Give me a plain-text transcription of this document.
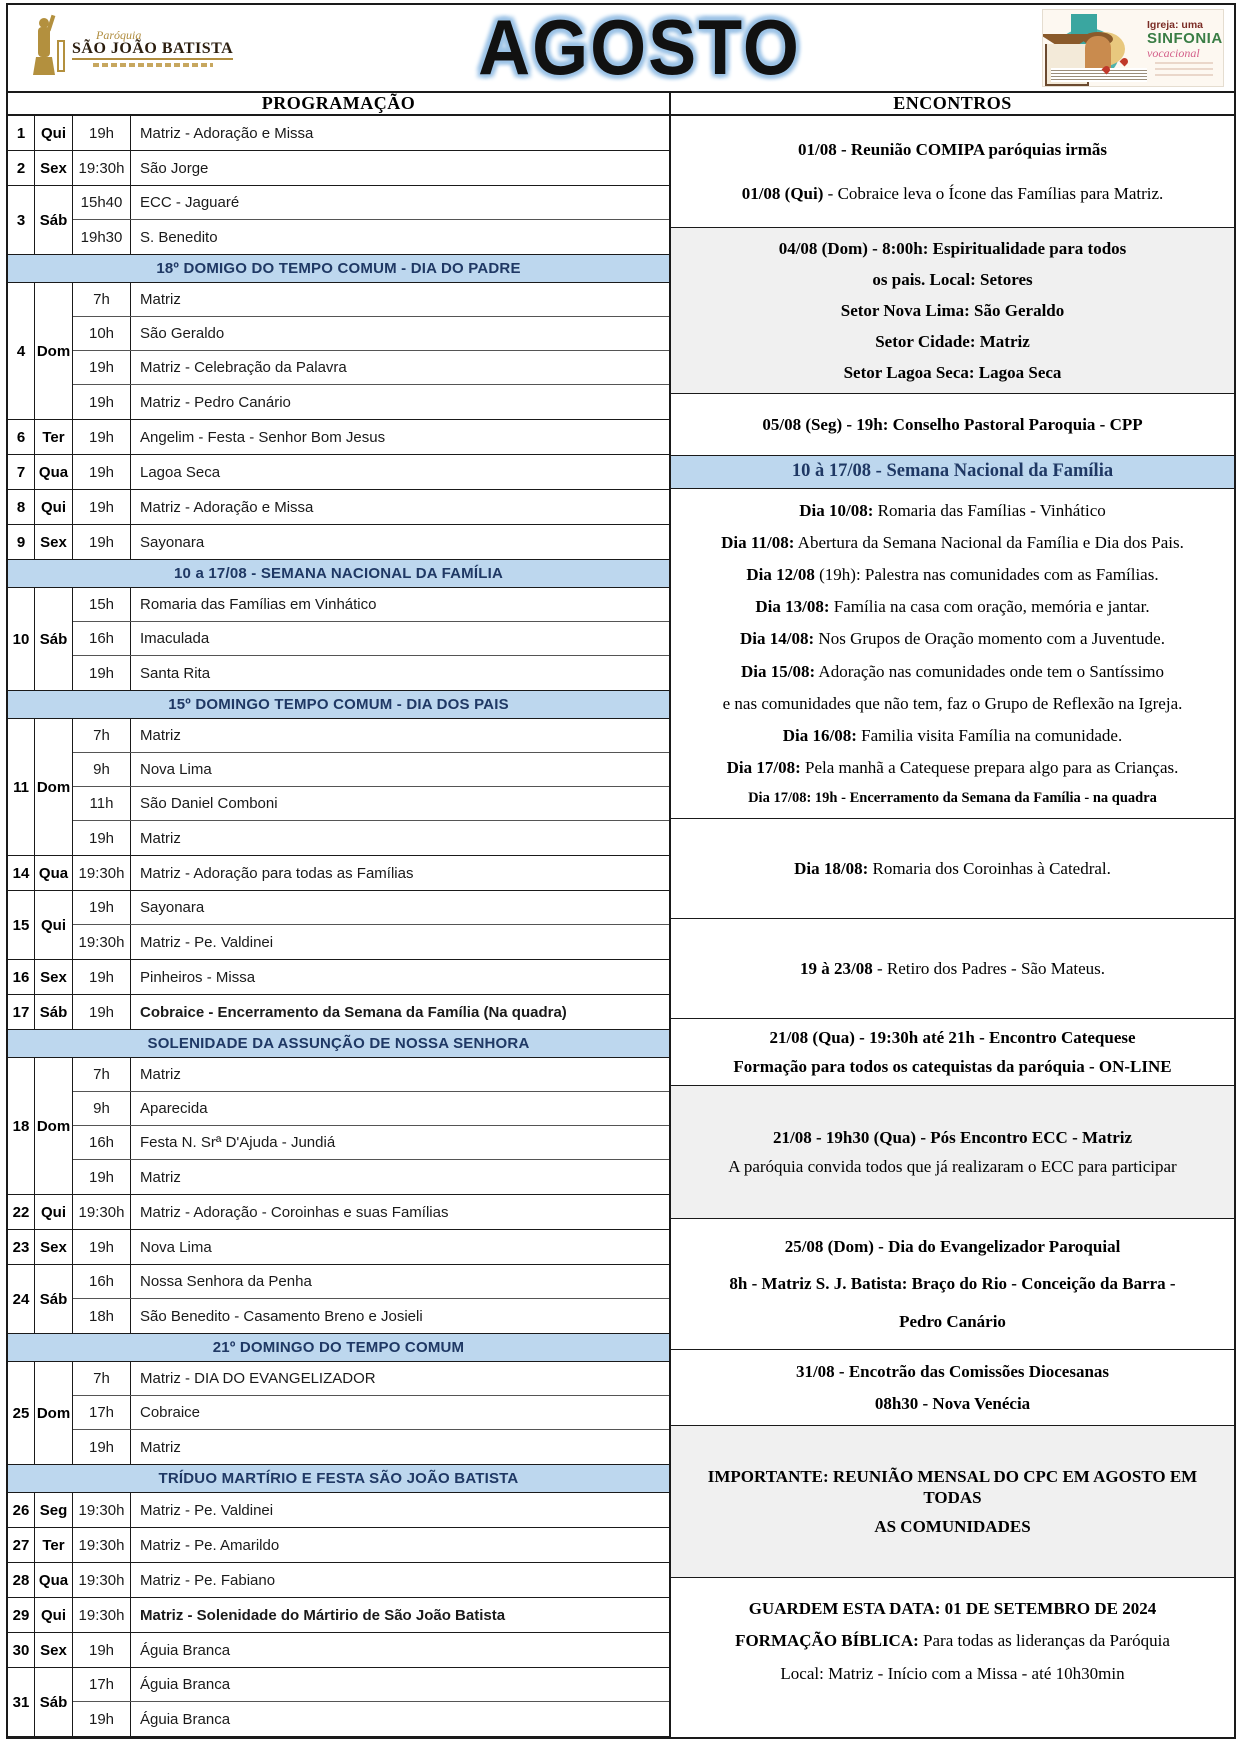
Paróquia
SÃO JOÃO BATISTA	AGOSTO	Igreja: uma
SINFONIA
vocacional
PROGRAMAÇÃO
1	Qui	19h	Matriz - Adoração e Missa
2 Sex 19:30h	São Jorge
3 Sáb
15h40	ECC - Jaguaré
19h30	S. Benedito
18º DOMIGO DO TEMPO COMUM - DIA DO PADRE
4 Dom
7h	Matriz
10h	São Geraldo
19h	Matriz - Celebração da Palavra
19h	Matriz - Pedro Canário
6	Ter	19h	Angelim - Festa - Senhor Bom Jesus
7 Qua	19h	Lagoa Seca
8	Qui	19h	Matriz - Adoração e Missa
9 Sex	19h	Sayonara
10 a 17/08 - SEMANA NACIONAL DA FAMÍLIA
10 Sáb
15h	Romaria das Famílias em Vinhático
16h	Imaculada
19h	Santa Rita
15º DOMINGO TEMPO COMUM - DIA DOS PAIS
11 Dom
7h	Matriz
9h	Nova Lima
11h	São Daniel Comboni
19h	Matriz
14 Qua 19:30h	Matriz - Adoração para todas as Famílias
15 Qui
19h	Sayonara
19:30h	Matriz - Pe. Valdinei
16 Sex	19h	Pinheiros - Missa
17 Sáb	19h	Cobraice - Encerramento da Semana da Família (Na quadra)
SOLENIDADE DA ASSUNÇÃO DE NOSSA SENHORA
18 Dom
7h	Matriz
9h	Aparecida
16h	Festa N. Srª D'Ajuda - Jundiá
19h	Matriz
22 Qui 19:30h	Matriz - Adoração - Coroinhas e suas Famílias
23 Sex	19h	Nova Lima
24 Sáb
16h	Nossa Senhora da Penha
18h	São Benedito - Casamento Breno e Josieli
21º DOMINGO DO TEMPO COMUM
25 Dom
7h	Matriz - DIA DO EVANGELIZADOR
17h	Cobraice
19h	Matriz
TRÍDUO MARTÍRIO E FESTA SÃO JOÃO BATISTA
26 Seg 19:30h	Matriz - Pe. Valdinei
27 Ter 19:30h	Matriz - Pe. Amarildo
28 Qua 19:30h	Matriz - Pe. Fabiano
29 Qui 19:30h	Matriz - Solenidade do Mártirio de São João Batista
30 Sex	19h	Águia Branca
31 Sáb
17h	Águia Branca
19h	Águia Branca
ENCONTROS
01/08 - Reunião COMIPA paróquias irmãs
01/08 (Qui) - Cobraice leva o Ícone das Famílias para Matriz.
04/08 (Dom) - 8:00h: Espiritualidade para todos
os pais. Local: Setores
Setor Nova Lima: São Geraldo
Setor Cidade: Matriz
Setor Lagoa Seca: Lagoa Seca
05/08 (Seg) - 19h: Conselho Pastoral Paroquia - CPP
10 à 17/08 - Semana Nacional da Família
Dia 10/08: Romaria das Famílias - Vinhático
Dia 11/08: Abertura da Semana Nacional da Família e Dia dos Pais.
Dia 12/08 (19h): Palestra nas comunidades com as Famílias.
Dia 13/08: Família na casa com oração, memória e jantar.
Dia 14/08: Nos Grupos de Oração momento com a Juventude.
Dia 15/08: Adoração nas comunidades onde tem o Santíssimo
e nas comunidades que não tem, faz o Grupo de Reflexão na Igreja.
Dia 16/08: Familia visita Família na comunidade.
Dia 17/08: Pela manhã a Catequese prepara algo para as Crianças.
Dia 17/08: 19h - Encerramento da Semana da Família - na quadra
Dia 18/08: Romaria dos Coroinhas à Catedral.
19 à 23/08 - Retiro dos Padres - São Mateus.
21/08 (Qua) - 19:30h até 21h - Encontro Catequese
Formação para todos os catequistas da paróquia - ON-LINE
21/08 - 19h30 (Qua) - Pós Encontro ECC - Matriz
A paróquia convida todos que já realizaram o ECC para participar
25/08 (Dom) - Dia do Evangelizador Paroquial
8h - Matriz S. J. Batista: Braço do Rio - Conceição da Barra -
Pedro Canário
31/08 - Encotrão das Comissões Diocesanas
08h30 - Nova Venécia
IMPORTANTE: REUNIÃO MENSAL DO CPC EM AGOSTO EM TODAS
AS COMUNIDADES
GUARDEM ESTA DATA: 01 DE SETEMBRO DE 2024
FORMAÇÃO BÍBLICA: Para todas as lideranças da Paróquia
Local: Matriz - Início com a Missa - até 10h30min
